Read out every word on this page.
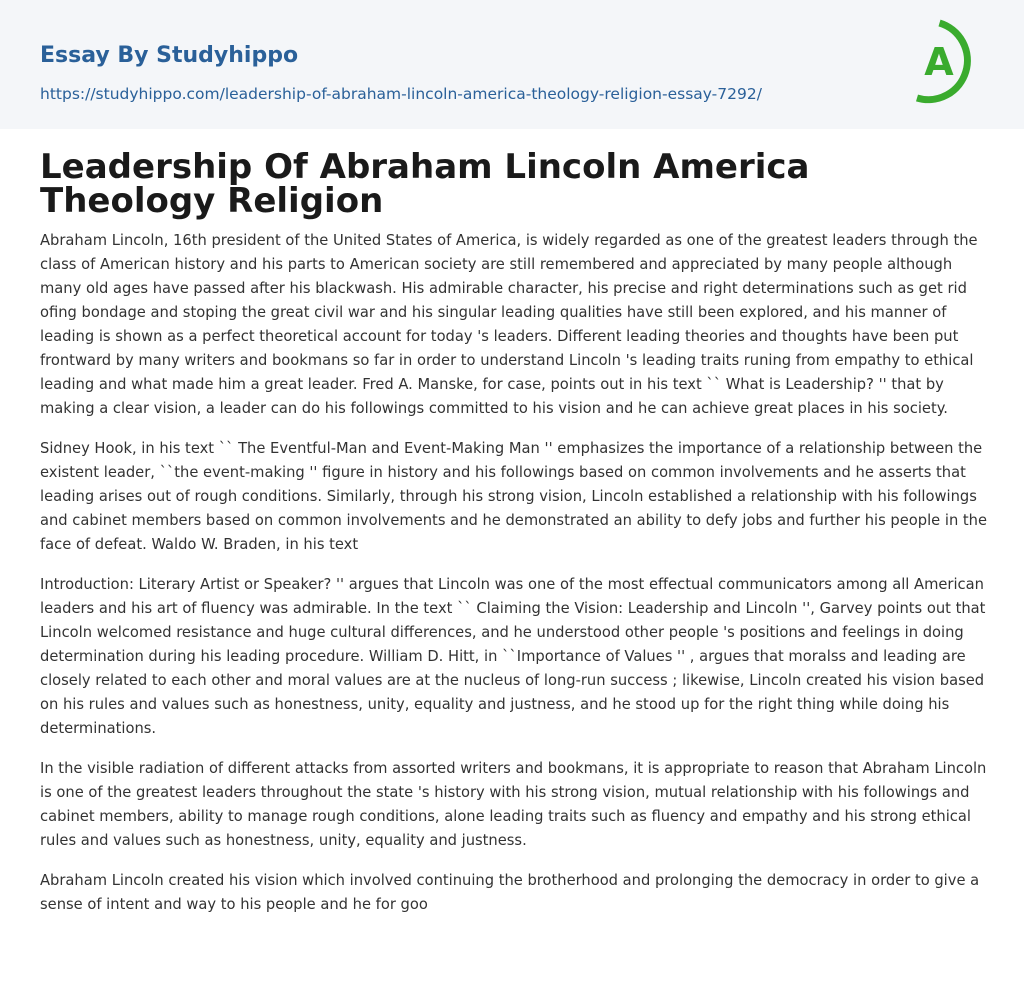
Essay By Studyhippo
https://studyhippo.com/leadership-of-abraham-lincoln-america-theology-religion-essay-7292/
A
Leadership Of Abraham Lincoln America Theology Religion

Abraham Lincoln, 16th president of the United States of America, is widely regarded as one of the greatest leaders through the class of American history and his parts to American society are still remembered and appreciated by many people although many old ages have passed after his blackwash. His admirable character, his precise and right determinations such as get rid ofing bondage and stoping the great civil war and his singular leading qualities have still been explored, and his manner of leading is shown as a perfect theoretical account for today 's leaders. Different leading theories and thoughts have been put frontward by many writers and bookmans so far in order to understand Lincoln 's leading traits runing from empathy to ethical leading and what made him a great leader. Fred A. Manske, for case, points out in his text `` What is Leadership? '' that by making a clear vision, a leader can do his followings committed to his vision and he can achieve great places in his society.

Sidney Hook, in his text `` The Eventful-Man and Event-Making Man '' emphasizes the importance of a relationship between the existent leader, ``the event-making '' figure in history and his followings based on common involvements and he asserts that leading arises out of rough conditions. Similarly, through his strong vision, Lincoln established a relationship with his followings and cabinet members based on common involvements and he demonstrated an ability to defy jobs and further his people in the face of defeat. Waldo W. Braden, in his text

Introduction: Literary Artist or Speaker? '' argues that Lincoln was one of the most effectual communicators among all American leaders and his art of fluency was admirable. In the text `` Claiming the Vision: Leadership and Lincoln '', Garvey points out that Lincoln welcomed resistance and huge cultural differences, and he understood other people 's positions and feelings in doing determination during his leading procedure. William D. Hitt, in ``Importance of Values '' , argues that moralss and leading are closely related to each other and moral values are at the nucleus of long-run success ; likewise, Lincoln created his vision based on his rules and values such as honestness, unity, equality and justness, and he stood up for the right thing while doing his determinations.

In the visible radiation of different attacks from assorted writers and bookmans, it is appropriate to reason that Abraham Lincoln is one of the greatest leaders throughout the state 's history with his strong vision, mutual relationship with his followings and cabinet members, ability to manage rough conditions, alone leading traits such as fluency and empathy and his strong ethical rules and values such as honestness, unity, equality and justness.

Abraham Lincoln created his vision which involved continuing the brotherhood and prolonging the democracy in order to give a sense of intent and way to his people and he for goo
